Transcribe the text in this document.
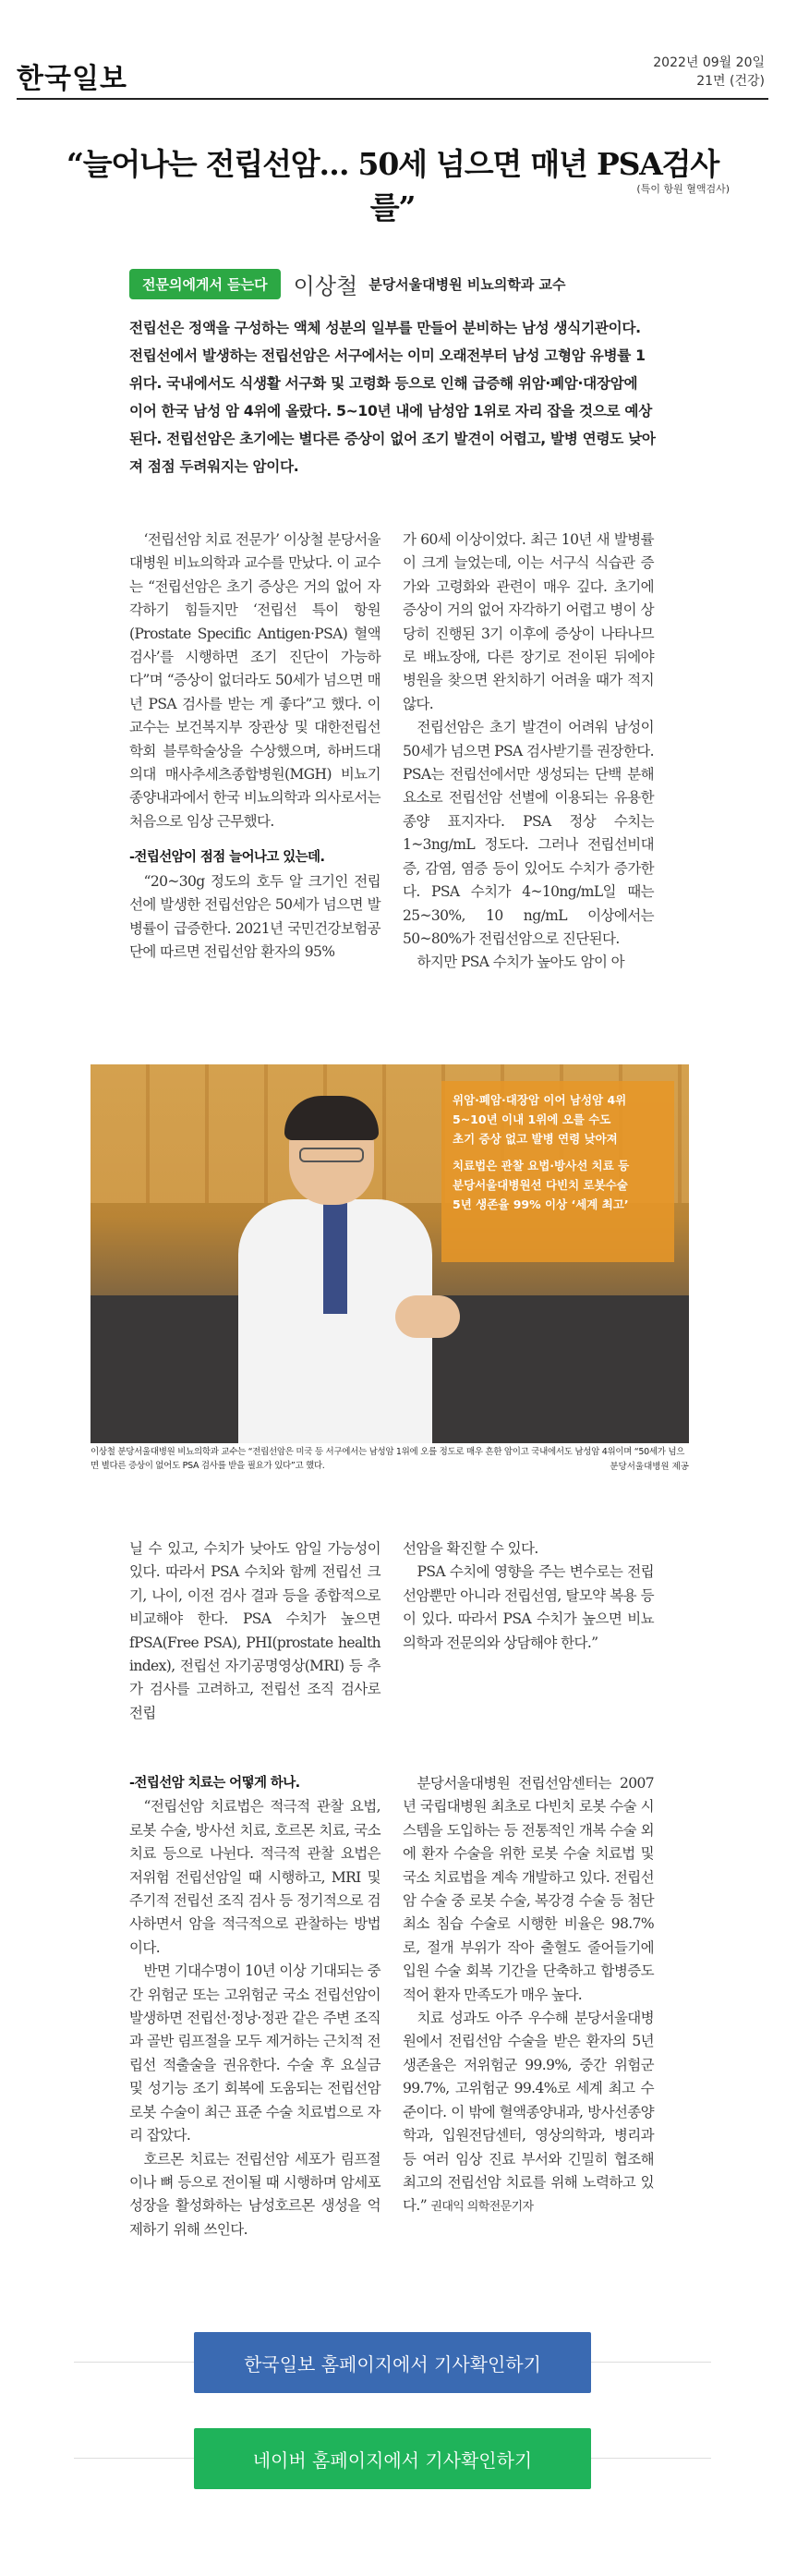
한국일보	2022년 09월 20일
21면 (건강)
“늘어나는 전립선암… 50세 넘으면 매년 PSA검사를”
(특이 항원 혈액검사)
전문의에게서 듣는다	이상철 분당서울대병원 비뇨의학과 교수
전립선은 정액을 구성하는 액체 성분의 일부를 만들어 분비하는 남성 생식기관이다. 전립선에서 발생하는 전립선암은 서구에서는 이미 오래전부터 남성 고형암 유병률 1위다. 국내에서도 식생활 서구화 및 고령화 등으로 인해 급증해 위암·폐암·대장암에 이어 한국 남성 암 4위에 올랐다. 5~10년 내에 남성암 1위로 자리 잡을 것으로 예상된다. 전립선암은 초기에는 별다른 증상이 없어 조기 발견이 어렵고, 발병 연령도 낮아져 점점 두려워지는 암이다.

‘전립선암 치료 전문가’ 이상철 분당서울대병원 비뇨의학과 교수를 만났다. 이 교수는 “전립선암은 초기 증상은 거의 없어 자각하기 힘들지만 ‘전립선 특이 항원 (Prostate Specific Antigen·PSA) 혈액검사’를 시행하면 조기 진단이 가능하다”며 “증상이 없더라도 50세가 넘으면 매년 PSA 검사를 받는 게 좋다”고 했다. 이 교수는 보건복지부 장관상 및 대한전립선학회 블루학술상을 수상했으며, 하버드대 의대 매사추세츠종합병원(MGH) 비뇨기종양내과에서 한국 비뇨의학과 의사로서는 처음으로 임상 근무했다.

-전립선암이 점점 늘어나고 있는데.

“20~30g 정도의 호두 알 크기인 전립선에 발생한 전립선암은 50세가 넘으면 발병률이 급증한다. 2021년 국민건강보험공단에 따르면 전립선암 환자의 95%

가 60세 이상이었다. 최근 10년 새 발병률이 크게 늘었는데, 이는 서구식 식습관 증가와 고령화와 관련이 매우 깊다. 초기에 증상이 거의 없어 자각하기 어렵고 병이 상당히 진행된 3기 이후에 증상이 나타나므로 배뇨장애, 다른 장기로 전이된 뒤에야 병원을 찾으면 완치하기 어려울 때가 적지 않다.

전립선암은 초기 발견이 어려워 남성이 50세가 넘으면 PSA 검사받기를 권장한다. PSA는 전립선에서만 생성되는 단백 분해 요소로 전립선암 선별에 이용되는 유용한 종양 표지자다. PSA 정상 수치는 1~3ng/mL 정도다. 그러나 전립선비대증, 감염, 염증 등이 있어도 수치가 증가한다. PSA 수치가 4~10ng/mL일 때는 25~30%, 10 ng/mL 이상에서는 50~80%가 전립선암으로 진단된다.

하지만 PSA 수치가 높아도 암이 아

위암·폐암·대장암 이어 남성암 4위
5~10년 이내 1위에 오를 수도
초기 증상 없고 발병 연령 낮아져
치료법은 관찰 요법·방사선 치료 등
분당서울대병원선 다빈치 로봇수술
5년 생존율 99% 이상 ‘세계 최고’
이상철 분당서울대병원 비뇨의학과 교수는 “전립선암은 미국 등 서구에서는 남성암 1위에 오를 정도로 매우 흔한 암이고 국내에서도 남성암 4위이며 “50세가 넘으면 별다른 증상이 없어도 PSA 검사를 받을 필요가 있다”고 했다.	분당서울대병원 제공

닐 수 있고, 수치가 낮아도 암일 가능성이 있다. 따라서 PSA 수치와 함께 전립선 크기, 나이, 이전 검사 결과 등을 종합적으로 비교해야 한다. PSA 수치가 높으면 fPSA(Free PSA), PHI(prostate health index), 전립선 자기공명영상(MRI) 등 추가 검사를 고려하고, 전립선 조직 검사로 전립

선암을 확진할 수 있다.

PSA 수치에 영향을 주는 변수로는 전립선암뿐만 아니라 전립선염, 탈모약 복용 등이 있다. 따라서 PSA 수치가 높으면 비뇨의학과 전문의와 상담해야 한다.”

-전립선암 치료는 어떻게 하나.

“전립선암 치료법은 적극적 관찰 요법, 로봇 수술, 방사선 치료, 호르몬 치료, 국소 치료 등으로 나뉜다. 적극적 관찰 요법은 저위험 전립선암일 때 시행하고, MRI 및 주기적 전립선 조직 검사 등 정기적으로 검사하면서 암을 적극적으로 관찰하는 방법이다.

반면 기대수명이 10년 이상 기대되는 중간 위험군 또는 고위험군 국소 전립선암이 발생하면 전립선·정낭·정관 같은 주변 조직과 골반 림프절을 모두 제거하는 근치적 전립선 적출술을 권유한다. 수술 후 요실금 및 성기능 조기 회복에 도움되는 전립선암 로봇 수술이 최근 표준 수술 치료법으로 자리 잡았다.

호르몬 치료는 전립선암 세포가 림프절이나 뼈 등으로 전이될 때 시행하며 암세포 성장을 활성화하는 남성호르몬 생성을 억제하기 위해 쓰인다.

분당서울대병원 전립선암센터는 2007년 국립대병원 최초로 다빈치 로봇 수술 시스템을 도입하는 등 전통적인 개복 수술 외에 환자 수술을 위한 로봇 수술 치료법 및 국소 치료법을 계속 개발하고 있다. 전립선암 수술 중 로봇 수술, 복강경 수술 등 첨단 최소 침습 수술로 시행한 비율은 98.7%로, 절개 부위가 작아 출혈도 줄어들기에 입원 수술 회복 기간을 단축하고 합병증도 적어 환자 만족도가 매우 높다.

치료 성과도 아주 우수해 분당서울대병원에서 전립선암 수술을 받은 환자의 5년 생존율은 저위험군 99.9%, 중간 위험군 99.7%, 고위험군 99.4%로 세계 최고 수준이다. 이 밖에 혈액종양내과, 방사선종양학과, 입원전담센터, 영상의학과, 병리과 등 여러 임상 진료 부서와 긴밀히 협조해 최고의 전립선암 치료를 위해 노력하고 있다.” 권대익 의학전문기자

한국일보 홈페이지에서 기사확인하기
네이버 홈페이지에서 기사확인하기
